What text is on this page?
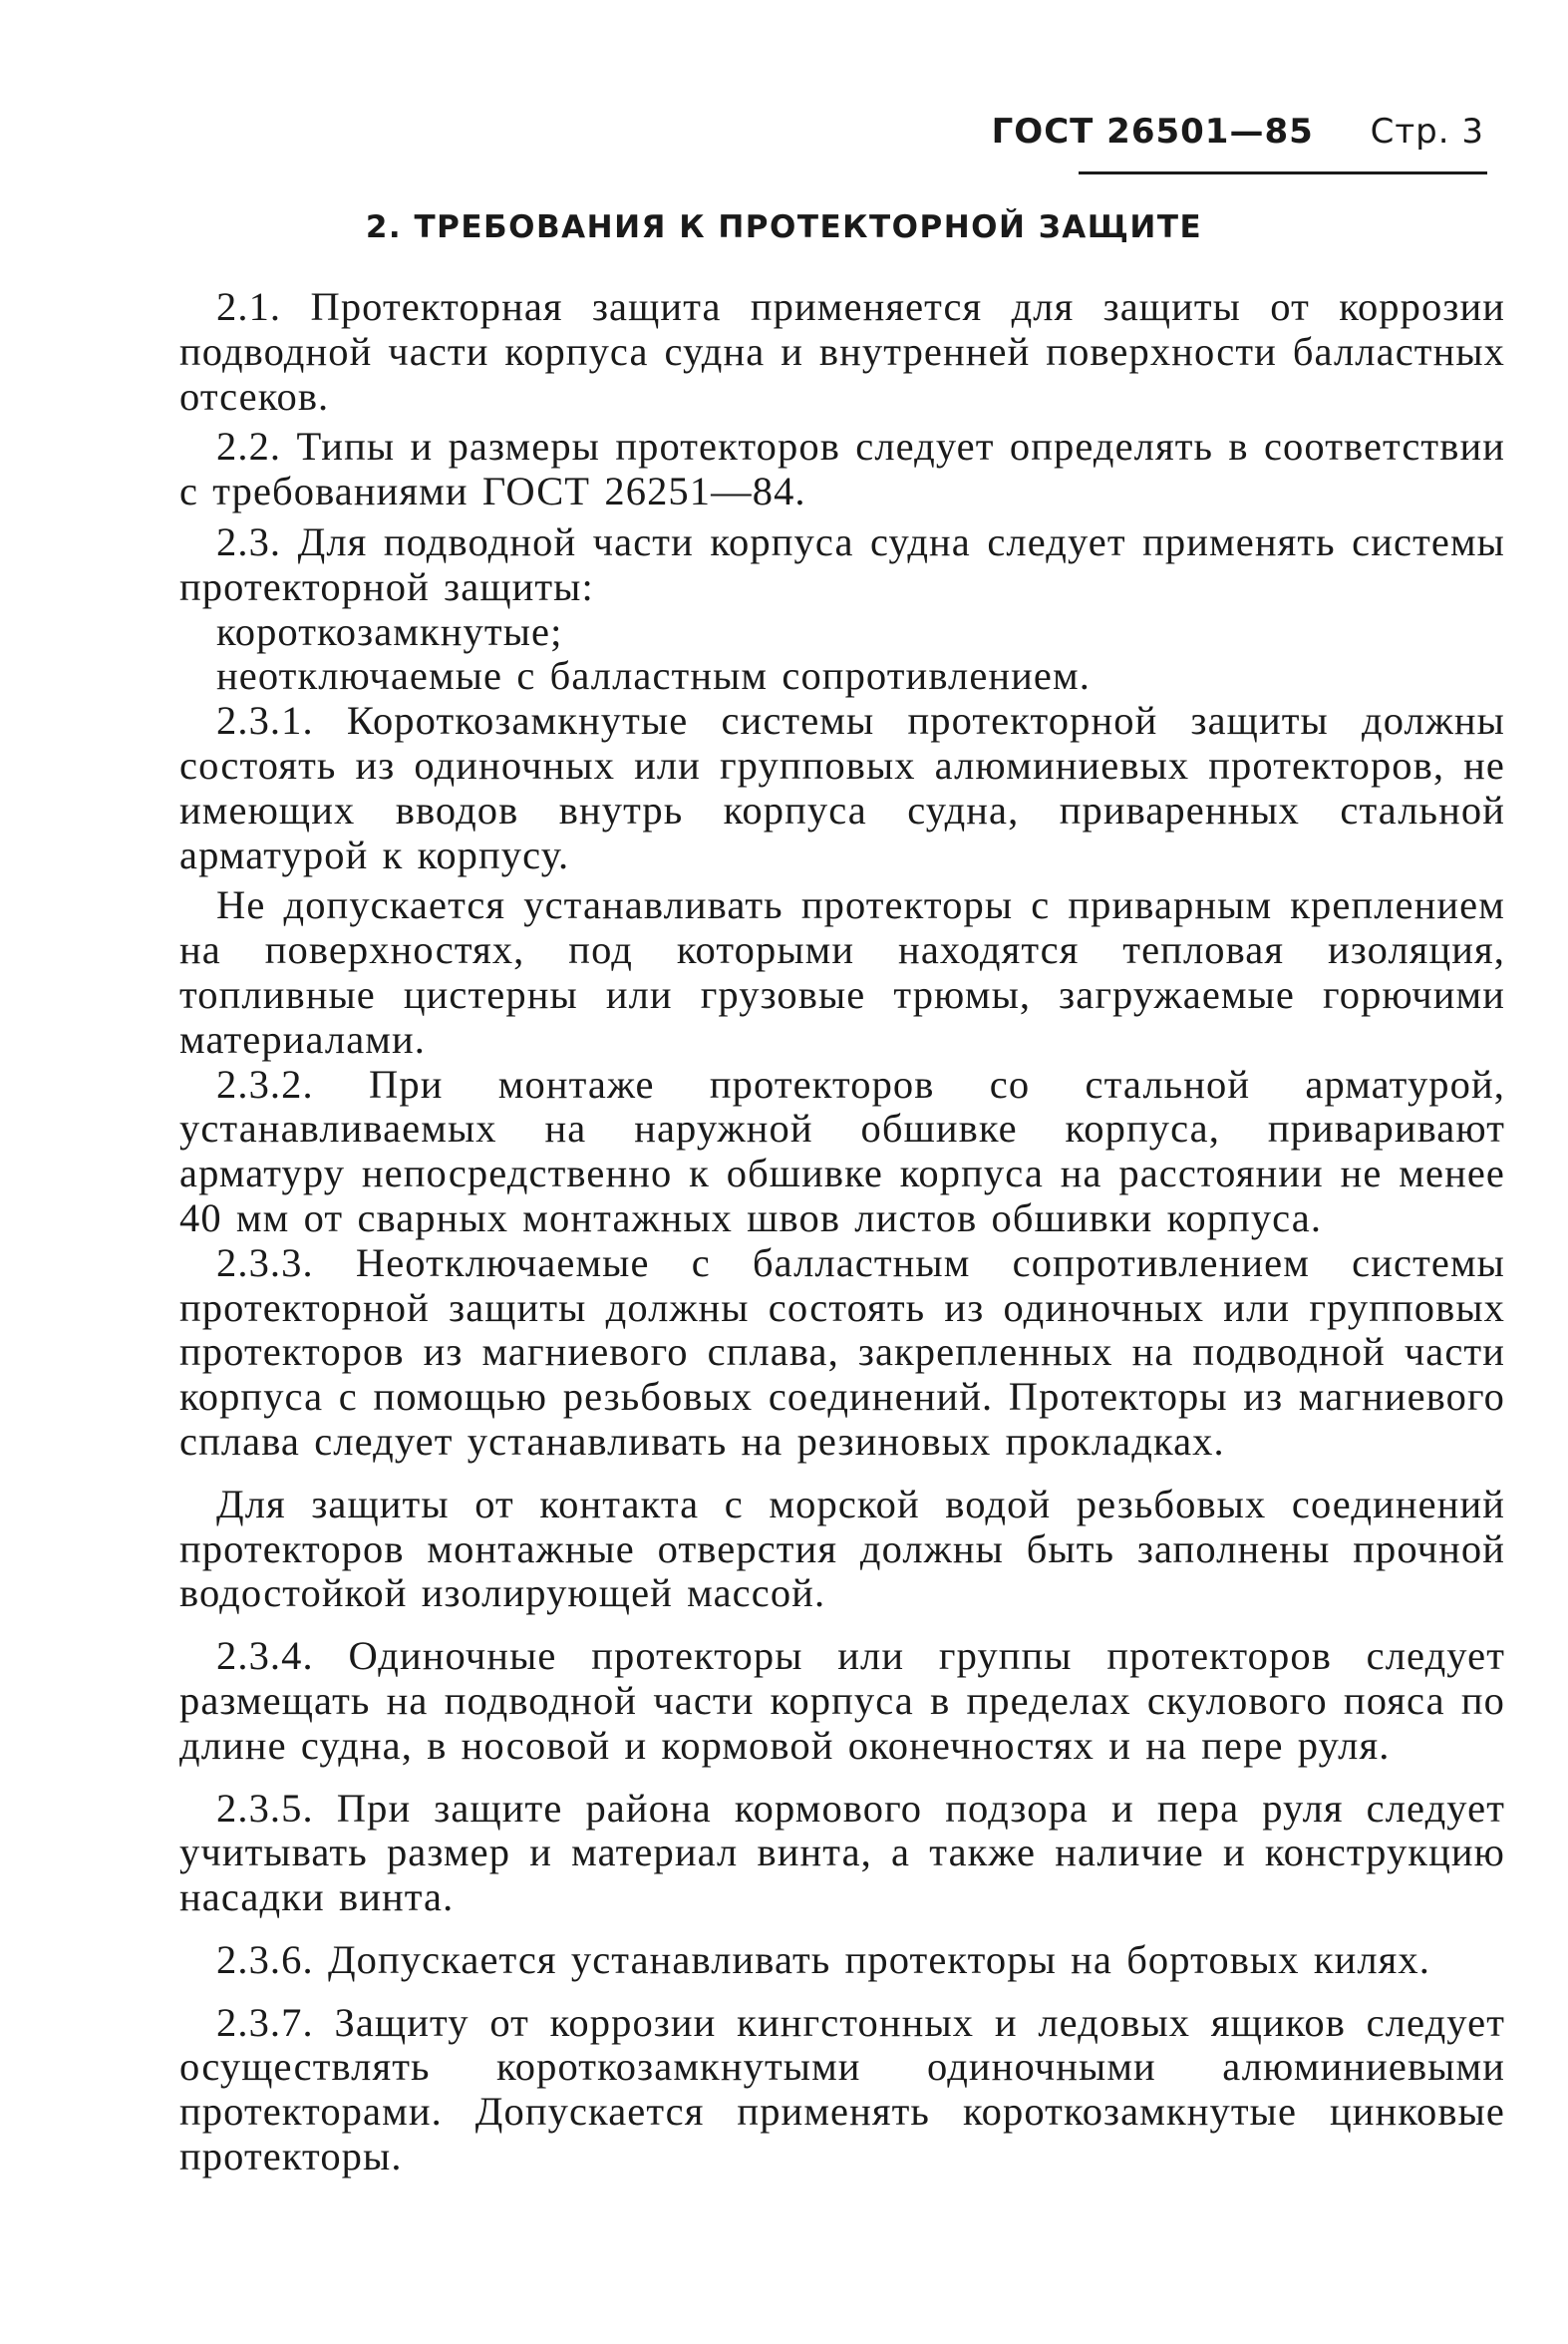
ГОСТ 26501—85 Стр. 3
2. ТРЕБОВАНИЯ К ПРОТЕКТОРНОЙ ЗАЩИТЕ

2.1. Протекторная защита применяется для защиты от коррозии подводной части корпуса судна и внутренней поверхности балластных отсеков.

2.2. Типы и размеры протекторов следует определять в соответствии с требованиями ГОСТ 26251—84.

2.3. Для подводной части корпуса судна следует применять системы протекторной защиты:

короткозамкнутые;

неотключаемые с балластным сопротивлением.

2.3.1. Короткозамкнутые системы протекторной защиты должны состоять из одиночных или групповых алюминиевых протекторов, не имеющих вводов внутрь корпуса судна, приваренных стальной арматурой к корпусу.

Не допускается устанавливать протекторы с приварным креплением на поверхностях, под которыми находятся тепловая изоляция, топливные цистерны или грузовые трюмы, загружаемые горючими материалами.

2.3.2. При монтаже протекторов со стальной арматурой, устанавливаемых на наружной обшивке корпуса, приваривают арматуру непосредственно к обшивке корпуса на расстоянии не менее 40 мм от сварных монтажных швов листов обшивки корпуса.

2.3.3. Неотключаемые с балластным сопротивлением системы протекторной защиты должны состоять из одиночных или групповых протекторов из магниевого сплава, закрепленных на подводной части корпуса с помощью резьбовых соединений. Протекторы из магниевого сплава следует устанавливать на резиновых прокладках.

Для защиты от контакта с морской водой резьбовых соединений протекторов монтажные отверстия должны быть заполнены прочной водостойкой изолирующей массой.

2.3.4. Одиночные протекторы или группы протекторов следует размещать на подводной части корпуса в пределах скулового пояса по длине судна, в носовой и кормовой оконечностях и на пере руля.

2.3.5. При защите района кормового подзора и пера руля следует учитывать размер и материал винта, а также наличие и конструкцию насадки винта.

2.3.6. Допускается устанавливать протекторы на бортовых килях.

2.3.7. Защиту от коррозии кингстонных и ледовых ящиков следует осуществлять короткозамкнутыми одиночными алюминиевыми протекторами. Допускается применять короткозамкнутые цинковые протекторы.
